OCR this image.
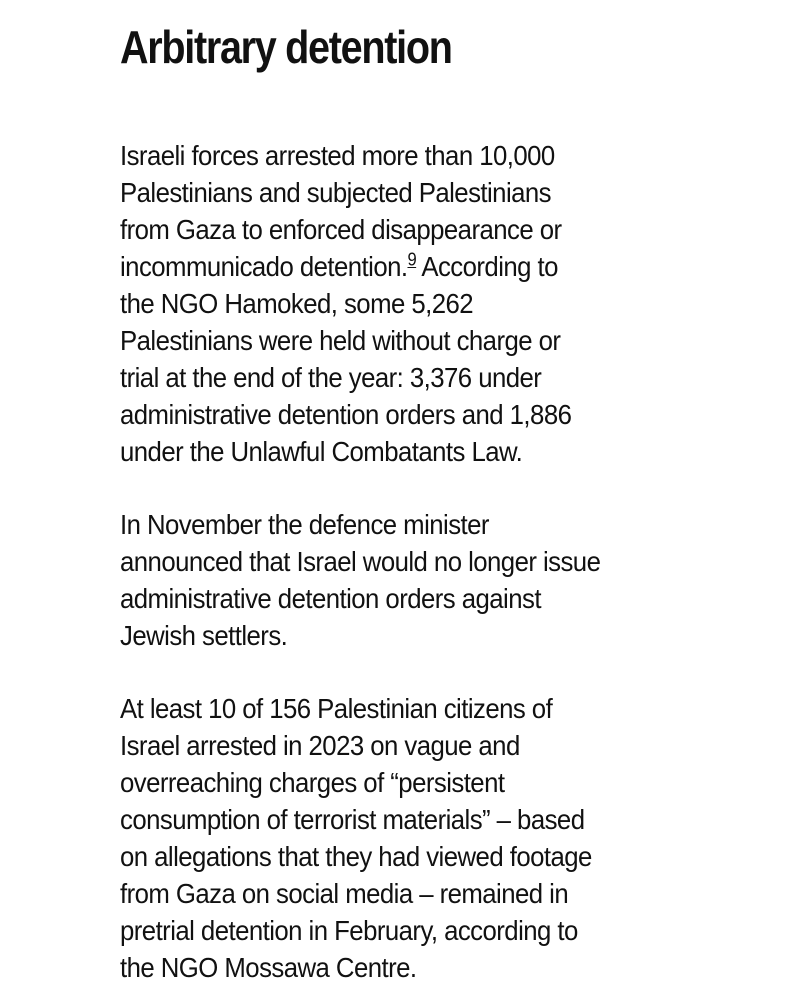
Arbitrary detention

Israeli forces arrested more than 10,000
Palestinians and subjected Palestinians
from Gaza to enforced disappearance or
incommunicado detention.$^9$ According to
the NGO Hamoked, some 5,262
Palestinians were held without charge or
trial at the end of the year: 3,376 under
administrative detention orders and 1,886
under the Unlawful Combatants Law.

In November the defence minister
announced that Israel would no longer issue
administrative detention orders against
Jewish settlers.

At least 10 of 156 Palestinian citizens of
Israel arrested in 2023 on vague and
overreaching charges of “persistent
consumption of terrorist materials” – based
on allegations that they had viewed footage
from Gaza on social media – remained in
pretrial detention in February, according to
the NGO Mossawa Centre.
